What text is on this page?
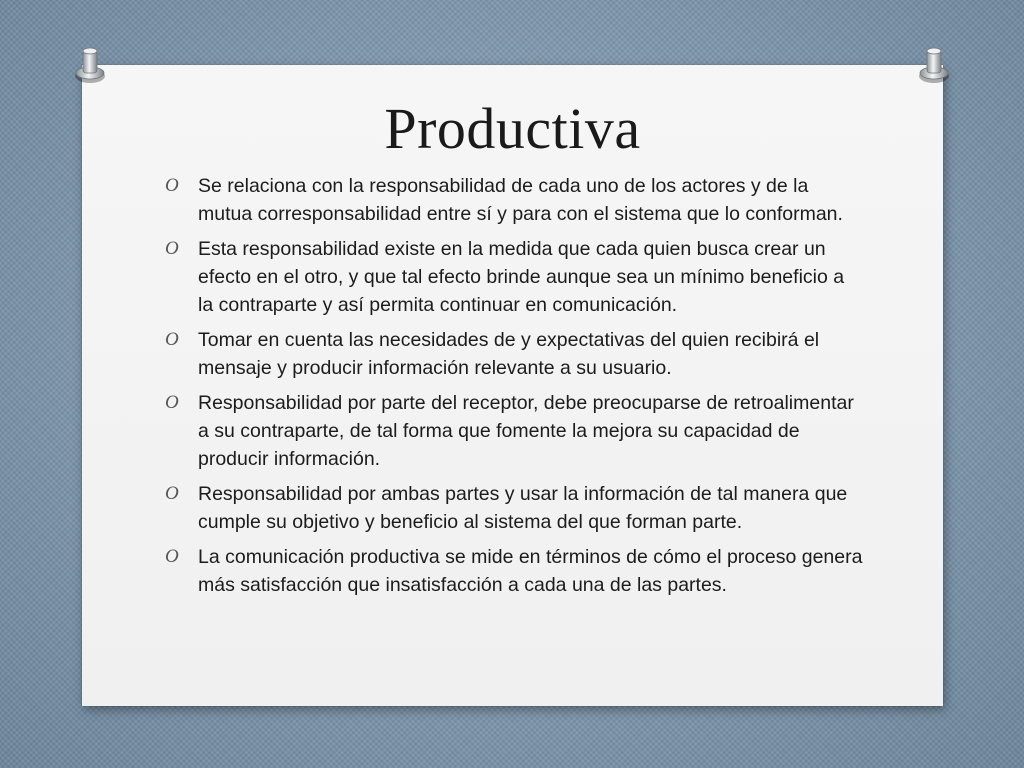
Productiva
O Se relaciona con la responsabilidad de cada uno de los actores y de la mutua corresponsabilidad entre sí y para con el sistema que lo conforman.
O Esta responsabilidad existe en la medida que cada quien busca crear un efecto en el otro, y que tal efecto brinde aunque sea un mínimo beneficio a la contraparte y así permita continuar en comunicación.
O Tomar en cuenta las necesidades de y expectativas del quien recibirá el mensaje y producir información relevante a su usuario.
O Responsabilidad por parte del receptor, debe preocuparse de retroalimentar a su contraparte, de tal forma que fomente la mejora su capacidad de producir información.
O Responsabilidad por ambas partes y usar la información de tal manera que cumple su objetivo y beneficio al sistema del que forman parte.
O La comunicación productiva se mide en términos de cómo el proceso genera más satisfacción que insatisfacción a cada una de las partes.
